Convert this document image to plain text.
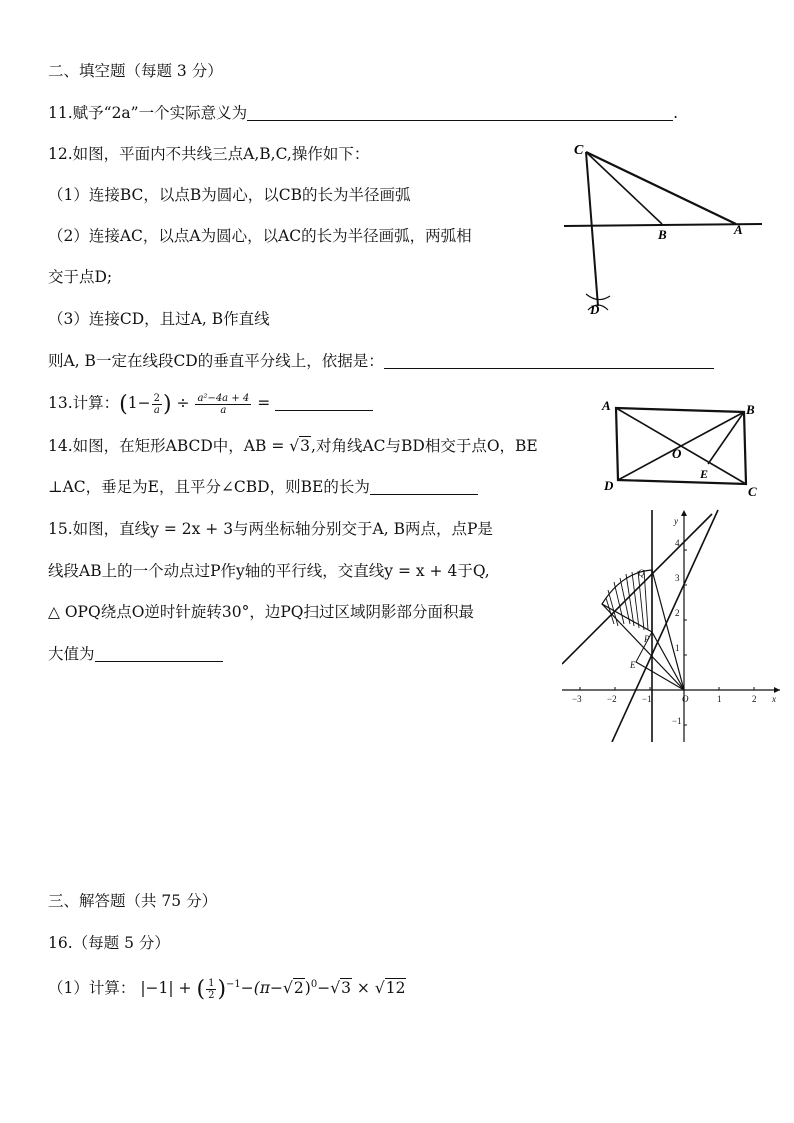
二、填空题（每题 3 分）
11.赋予“2a”一个实际意义为	.
12.如图，平面内不共线三点A,B,C,操作如下：
（1）连接BC，以点B为圆心，以CB的长为半径画弧
（2）连接AC，以点A为圆心，以AC的长为半径画弧，两弧相
交于点D;
（3）连接CD，且过A, B作直线
则A, B一定在线段CD的垂直平分线上，依据是：
C
B	A
D
13.计算：($1- \frac{2}{a}$ ) ÷ $\frac{\text{a²−4a + 4}}{a}$ =
14.如图，在矩形ABCD中，AB = √3,对角线AC与BD相交于点O，BE
⊥AC，垂足为E，且平分∠CBD，则BE的长为
A	B
C
D
O
E
15.如图，直线y = 2x + 3与两坐标轴分别交于A, B两点，点P是
线段AB上的一个动点过P作y轴的平行线，交直线y = x + 4于Q,
△ OPQ绕点O逆时针旋转30°，边PQ扫过区域阴影部分面积最
大值为
−3	−2	−1	O	1	2 x
y
4
3
2
1
−1
Q
P
E
三、解答题（共 75 分）
16.（每题 5 分）
（1）计算： |−1| + ( $\frac{1}{2} )^{-1}-(\pi-√2)^0-√3 \times √12$
